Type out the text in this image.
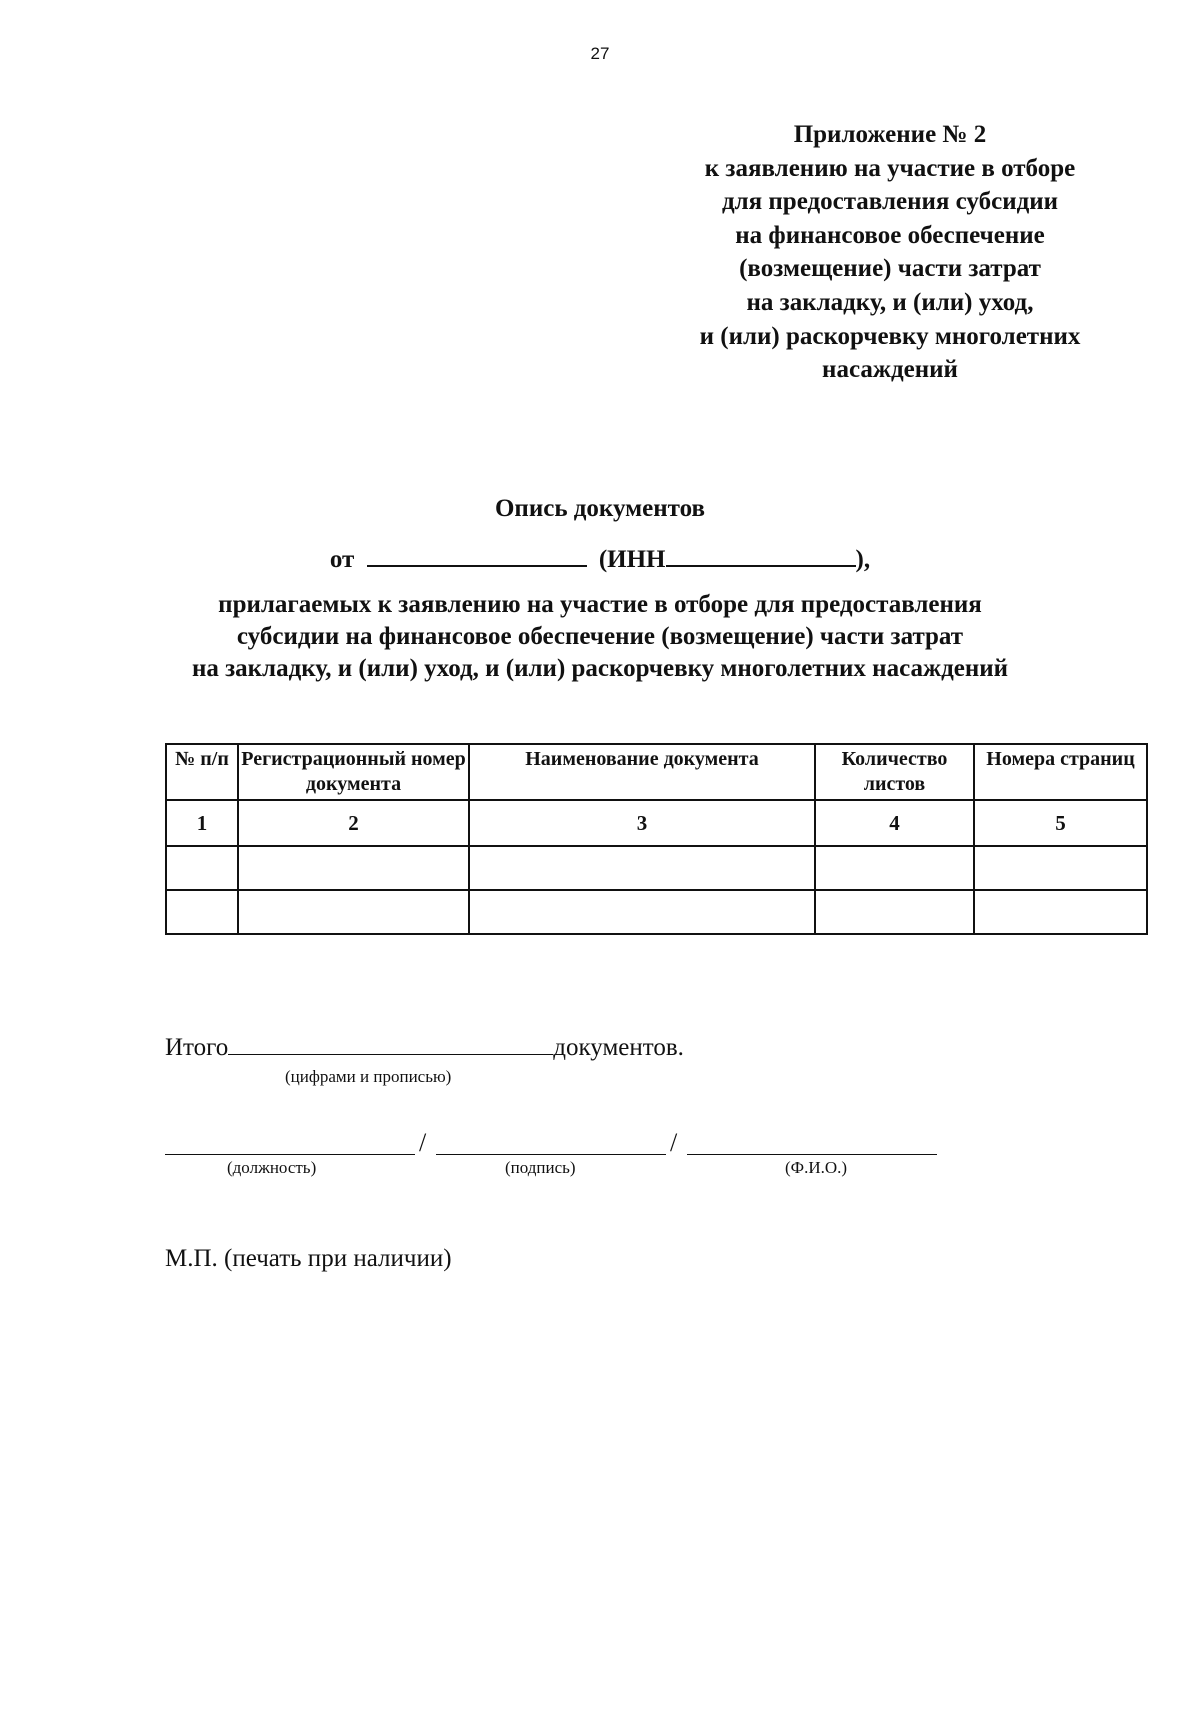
27
Приложение № 2
к заявлению на участие в отборе
для предоставления субсидии
на финансовое обеспечение
(возмещение) части затрат
на закладку, и (или) уход,
и (или) раскорчевку многолетних
насаждений
Опись документов
от	(ИНН	),
прилагаемых к заявлению на участие в отборе для предоставления
субсидии на финансовое обеспечение (возмещение) части затрат
на закладку, и (или) уход, и (или) раскорчевку многолетних насаждений
№ п/п	Регистрационный номер документа	Наименование документа	Количество листов	Номера страниц
1	2	3	4	5

Итого	документов.
(цифрами и прописью)
/	/
(должность)	(подпись)	(Ф.И.О.)
М.П. (печать при наличии)
